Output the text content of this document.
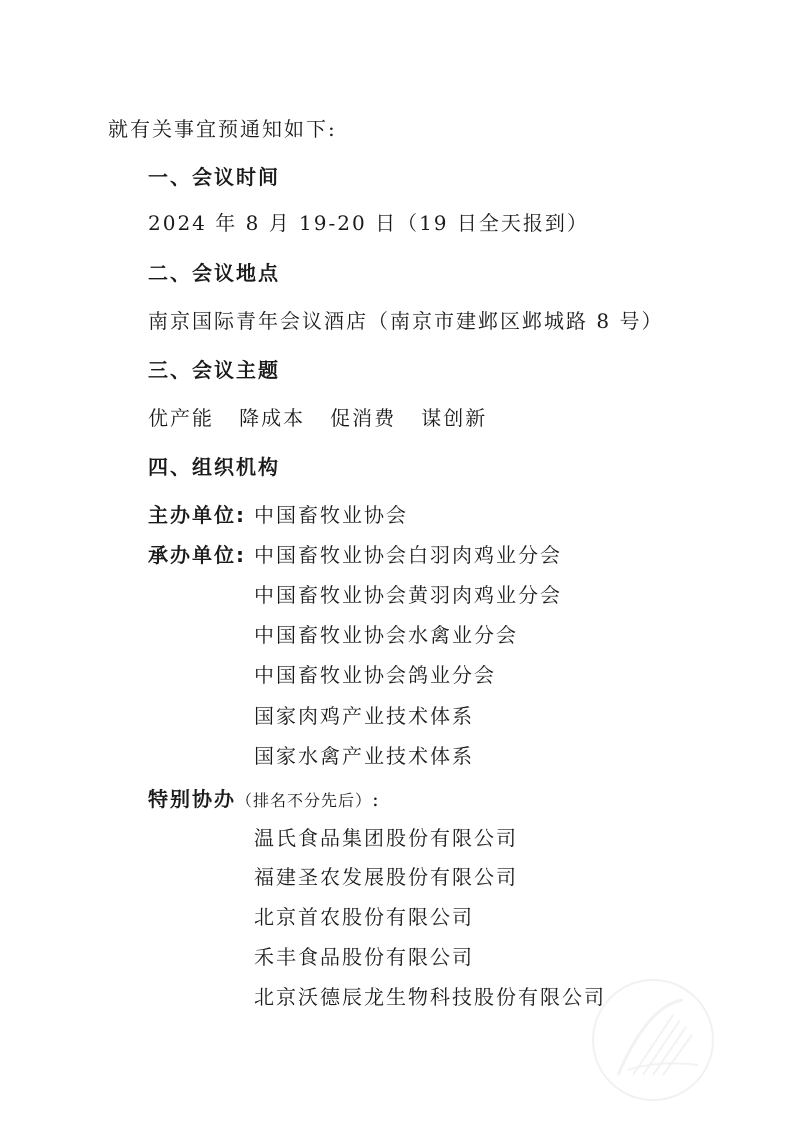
就有关事宜预通知如下:
一、会议时间
2024 年 8 月 19-20 日（19 日全天报到）
二、会议地点
南京国际青年会议酒店（南京市建邺区邺城路 8 号）
三、会议主题
优产能   降成本   促消费   谋创新
四、组织机构
主办单位: 中国畜牧业协会
承办单位: 中国畜牧业协会白羽肉鸡业分会
中国畜牧业协会黄羽肉鸡业分会
中国畜牧业协会水禽业分会
中国畜牧业协会鸽业分会
国家肉鸡产业技术体系
国家水禽产业技术体系
特别协办（排名不分先后）:
温氏食品集团股份有限公司
福建圣农发展股份有限公司
北京首农股份有限公司
禾丰食品股份有限公司
北京沃德辰龙生物科技股份有限公司
